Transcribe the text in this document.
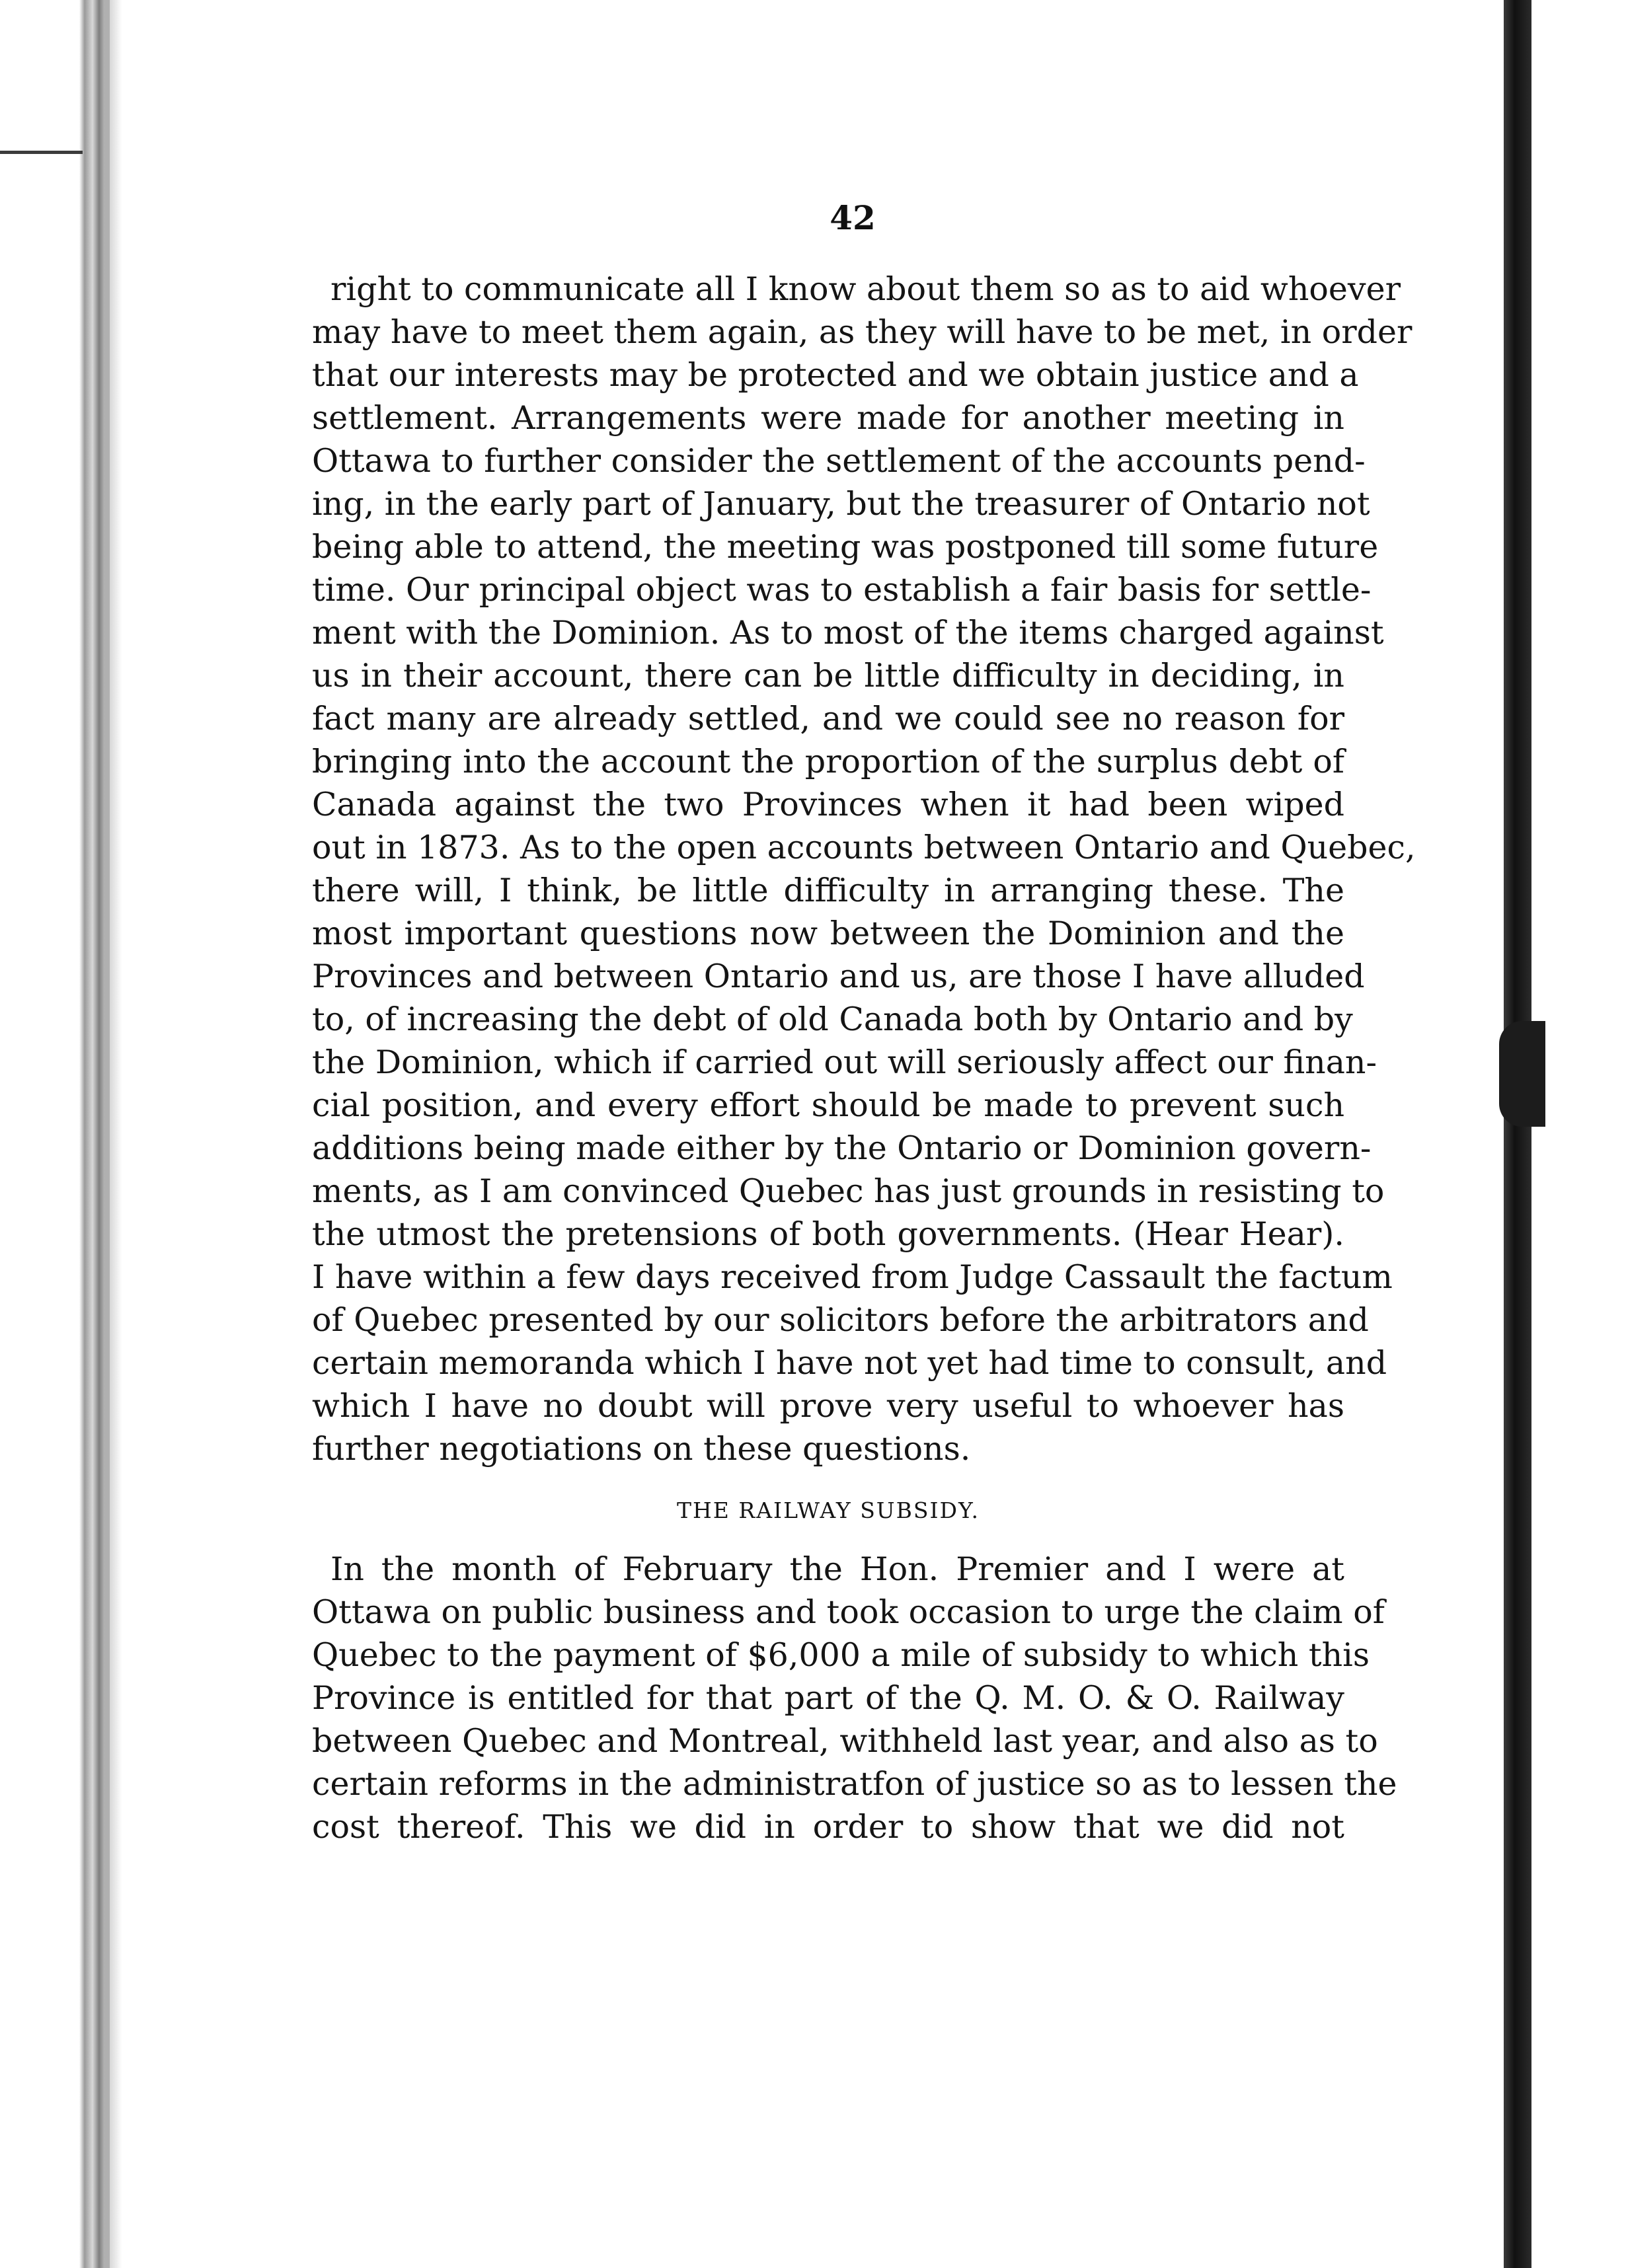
42
right to communicate all I know about them so as to aid whoever
may have to meet them again, as they will have to be met, in order
that our interests may be protected and we obtain justice and a
settlement. Arrangements were made for another meeting in
Ottawa to further consider the settlement of the accounts pend-
ing, in the early part of January, but the treasurer of Ontario not
being able to attend, the meeting was postponed till some future
time. Our principal object was to establish a fair basis for settle-
ment with the Dominion. As to most of the items charged against
us in their account, there can be little difficulty in deciding, in
fact many are already settled, and we could see no reason for
bringing into the account the proportion of the surplus debt of
Canada against the two Provinces when it had been wiped
out in 1873. As to the open accounts between Ontario and Quebec,
there will, I think, be little difficulty in arranging these. The
most important questions now between the Dominion and the
Provinces and between Ontario and us, are those I have alluded
to, of increasing the debt of old Canada both by Ontario and by
the Dominion, which if carried out will seriously affect our finan-
cial position, and every effort should be made to prevent such
additions being made either by the Ontario or Dominion govern-
ments, as I am convinced Quebec has just grounds in resisting to
the utmost the pretensions of both governments. (Hear Hear).
I have within a few days received from Judge Cassault the factum
of Quebec presented by our solicitors before the arbitrators and
certain memoranda which I have not yet had time to consult, and
which I have no doubt will prove very useful to whoever has
further negotiations on these questions.
THE RAILWAY SUBSIDY.
In the month of February the Hon. Premier and I were at
Ottawa on public business and took occasion to urge the claim of
Quebec to the payment of $6,000 a mile of subsidy to which this
Province is entitled for that part of the Q. M. O. & O. Railway
between Quebec and Montreal, withheld last year, and also as to
certain reforms in the administratfon of justice so as to lessen the
cost thereof. This we did in order to show that we did not
